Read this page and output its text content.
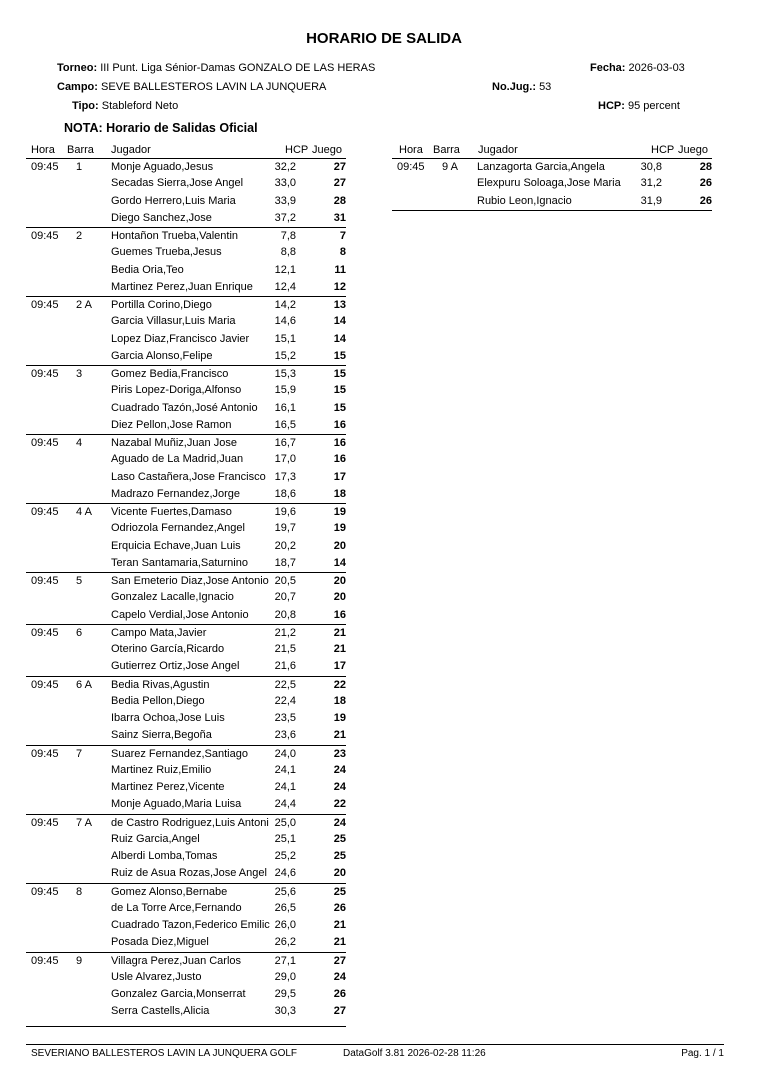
HORARIO DE SALIDA
Torneo: III Punt. Liga Sénior-Damas GONZALO DE LAS HERAS
Campo: SEVE BALLESTEROS LAVIN LA JUNQUERA
Tipo: Stableford Neto
Fecha: 2026-03-03
No.Jug.: 53
HCP: 95 percent
NOTA: Horario de Salidas Oficial
Hora Barra Jugador	HCP Juego	Hora Barra Jugador	HCP Juego
09:45 1	Monje Aguado,Jesus	32,2	27
Secadas Sierra,Jose Angel	33,0	27
Gordo Herrero,Luis Maria	33,9	28
Diego Sanchez,Jose	37,2	31
09:45 2	Hontañon Trueba,Valentin	7,8	7
Guemes Trueba,Jesus	8,8	8
Bedia Oria,Teo	12,1	11
Martinez Perez,Juan Enrique	12,4	12
09:45 2 A Portilla Corino,Diego	14,2	13
Garcia Villasur,Luis Maria	14,6	14
Lopez Diaz,Francisco Javier	15,1	14
Garcia Alonso,Felipe	15,2	15
09:45 3	Gomez Bedia,Francisco	15,3	15
Piris Lopez-Doriga,Alfonso	15,9	15
Cuadrado Tazón,José Antonio	16,1	15
Diez Pellon,Jose Ramon	16,5	16
09:45 4	Nazabal Muñiz,Juan Jose	16,7	16
Aguado de La Madrid,Juan	17,0	16
Laso Castañera,Jose Francisco 17,3	17
Madrazo Fernandez,Jorge	18,6	18
09:45 4 A Vicente Fuertes,Damaso	19,6	19
Odriozola Fernandez,Angel	19,7	19
Erquicia Echave,Juan Luis	20,2	20
Teran Santamaria,Saturnino	18,7	14
09:45 5	San Emeterio Diaz,Jose Antonio 20,5	20
Gonzalez Lacalle,Ignacio	20,7	20
Capelo Verdial,Jose Antonio	20,8	16
09:45 6	Campo Mata,Javier	21,2	21
Oterino García,Ricardo	21,5	21
Gutierrez Ortiz,Jose Angel	21,6	17
09:45 6 A Bedia Rivas,Agustin	22,5	22
Bedia Pellon,Diego	22,4	18
Ibarra Ochoa,Jose Luis	23,5	19
Sainz Sierra,Begoña	23,6	21
09:45 7	Suarez Fernandez,Santiago	24,0	23
Martinez Ruiz,Emilio	24,1	24
Martinez Perez,Vicente	24,1	24
Monje Aguado,Maria Luisa	24,4	22
09:45 7 A de Castro Rodriguez,Luis Antoni 25,0	24
Ruiz Garcia,Angel	25,1	25
Alberdi Lomba,Tomas	25,2	25
Ruiz de Asua Rozas,Jose Angel 24,6	20
09:45 8	Gomez Alonso,Bernabe	25,6	25
de La Torre Arce,Fernando	26,5	26
Cuadrado Tazon,Federico Emilic 26,0	21
Posada Diez,Miguel	26,2	21
09:45 9	Villagra Perez,Juan Carlos	27,1	27
Usle Alvarez,Justo	29,0	24
Gonzalez Garcia,Monserrat	29,5	26
Serra Castells,Alicia	30,3	27
09:45 9 A Lanzagorta Garcia,Angela	30,8	28
Elexpuru Soloaga,Jose Maria	31,2	26
Rubio Leon,Ignacio	31,9	26
SEVERIANO BALLESTEROS LAVIN LA JUNQUERA GOLF	DataGolf 3.81 2026-02-28 11:26	Pag. 1 / 1
